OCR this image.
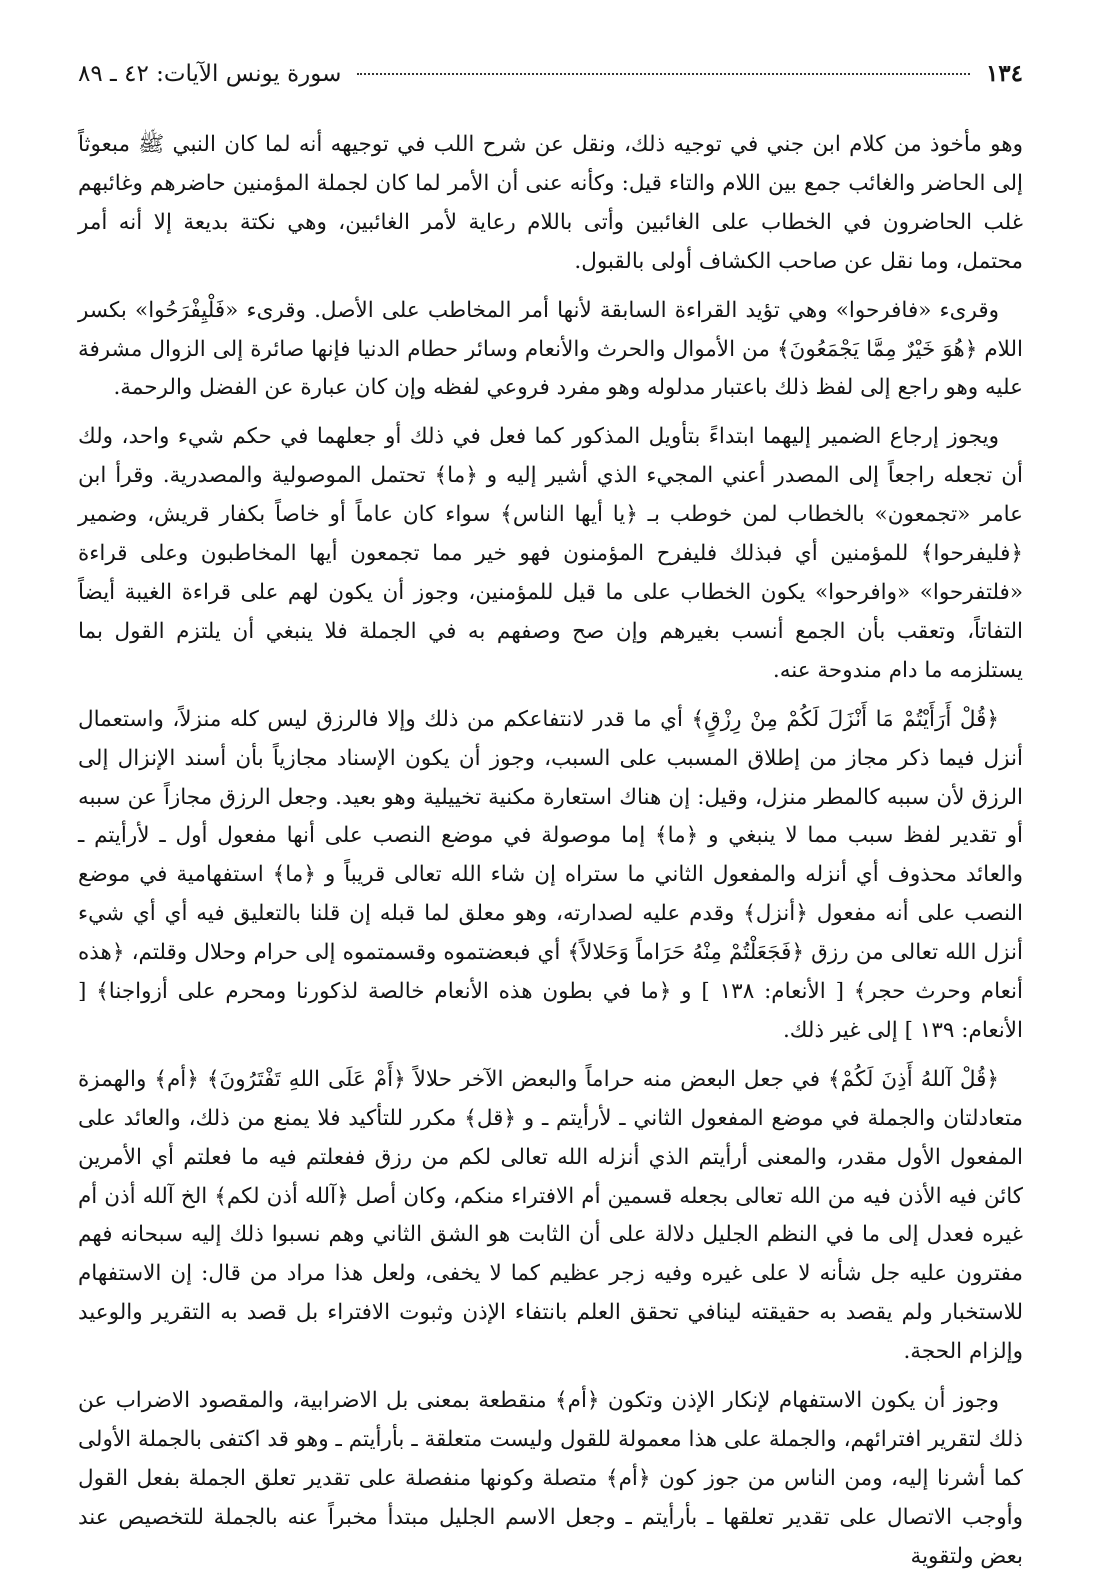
١٣٤
سورة يونس الآيات: ٤٢ ـ ٨٩

وهو مأخوذ من كلام ابن جني في توجيه ذلك، ونقل عن شرح اللب في توجيهه أنه لما كان النبي ﷺ مبعوثاً إلى الحاضر والغائب جمع بين اللام والتاء قيل: وكأنه عنى أن الأمر لما كان لجملة المؤمنين حاضرهم وغائبهم غلب الحاضرون في الخطاب على الغائبين وأتى باللام رعاية لأمر الغائبين، وهي نكتة بديعة إلا أنه أمر محتمل، وما نقل عن صاحب الكشاف أولى بالقبول.

وقرىء «فافرحوا» وهي تؤيد القراءة السابقة لأنها أمر المخاطب على الأصل. وقرىء «فَلْيِفْرَحُوا» بكسر اللام ﴿هُوَ خَيْرٌ مِمَّا يَجْمَعُونَ﴾ من الأموال والحرث والأنعام وسائر حطام الدنيا فإنها صائرة إلى الزوال مشرفة عليه وهو راجع إلى لفظ ذلك باعتبار مدلوله وهو مفرد فروعي لفظه وإن كان عبارة عن الفضل والرحمة.

ويجوز إرجاع الضمير إليهما ابتداءً بتأويل المذكور كما فعل في ذلك أو جعلهما في حكم شيء واحد، ولك أن تجعله راجعاً إلى المصدر أعني المجيء الذي أشير إليه و ﴿ما﴾ تحتمل الموصولية والمصدرية. وقرأ ابن عامر «تجمعون» بالخطاب لمن خوطب بـ ﴿يا أيها الناس﴾ سواء كان عاماً أو خاصاً بكفار قريش، وضمير ﴿فليفرحوا﴾ للمؤمنين أي فبذلك فليفرح المؤمنون فهو خير مما تجمعون أيها المخاطبون وعلى قراءة «فلتفرحوا» «وافرحوا» يكون الخطاب على ما قيل للمؤمنين، وجوز أن يكون لهم على قراءة الغيبة أيضاً التفاتاً، وتعقب بأن الجمع أنسب بغيرهم وإن صح وصفهم به في الجملة فلا ينبغي أن يلتزم القول بما يستلزمه ما دام مندوحة عنه.

﴿قُلْ أَرَأَيْتُمْ مَا أَنْزَلَ لَكُمْ مِنْ رِزْقٍ﴾ أي ما قدر لانتفاعكم من ذلك وإلا فالرزق ليس كله منزلاً، واستعمال أنزل فيما ذكر مجاز من إطلاق المسبب على السبب، وجوز أن يكون الإسناد مجازياً بأن أسند الإنزال إلى الرزق لأن سببه كالمطر منزل، وقيل: إن هناك استعارة مكنية تخييلية وهو بعيد. وجعل الرزق مجازاً عن سببه أو تقدير لفظ سبب مما لا ينبغي و ﴿ما﴾ إما موصولة في موضع النصب على أنها مفعول أول ـ لأرأيتم ـ والعائد محذوف أي أنزله والمفعول الثاني ما ستراه إن شاء الله تعالى قريباً و ﴿ما﴾ استفهامية في موضع النصب على أنه مفعول ﴿أنزل﴾ وقدم عليه لصدارته، وهو معلق لما قبله إن قلنا بالتعليق فيه أي أي شيء أنزل الله تعالى من رزق ﴿فَجَعَلْتُمْ مِنْهُ حَرَاماً وَحَلالاً﴾ أي فبعضتموه وقسمتموه إلى حرام وحلال وقلتم، ﴿هذه أنعام وحرث حجر﴾ [ الأنعام: ١٣٨ ] و ﴿ما في بطون هذه الأنعام خالصة لذكورنا ومحرم على أزواجنا﴾ [ الأنعام: ١٣٩ ] إلى غير ذلك.

﴿قُلْ آللهُ أَذِنَ لَكُمْ﴾ في جعل البعض منه حراماً والبعض الآخر حلالاً ﴿أَمْ عَلَى اللهِ تَفْتَرُونَ﴾ ﴿أم﴾ والهمزة متعادلتان والجملة في موضع المفعول الثاني ـ لأرأيتم ـ و ﴿قل﴾ مكرر للتأكيد فلا يمنع من ذلك، والعائد على المفعول الأول مقدر، والمعنى أرأيتم الذي أنزله الله تعالى لكم من رزق ففعلتم فيه ما فعلتم أي الأمرين كائن فيه الأذن فيه من الله تعالى بجعله قسمين أم الافتراء منكم، وكان أصل ﴿آلله أذن لكم﴾ الخ آلله أذن أم غيره فعدل إلى ما في النظم الجليل دلالة على أن الثابت هو الشق الثاني وهم نسبوا ذلك إليه سبحانه فهم مفترون عليه جل شأنه لا على غيره وفيه زجر عظيم كما لا يخفى، ولعل هذا مراد من قال: إن الاستفهام للاستخبار ولم يقصد به حقيقته لينافي تحقق العلم بانتفاء الإذن وثبوت الافتراء بل قصد به التقرير والوعيد وإلزام الحجة.

وجوز أن يكون الاستفهام لإنكار الإذن وتكون ﴿أم﴾ منقطعة بمعنى بل الاضرابية، والمقصود الاضراب عن ذلك لتقرير افترائهم، والجملة على هذا معمولة للقول وليست متعلقة ـ بأرأيتم ـ وهو قد اكتفى بالجملة الأولى كما أشرنا إليه، ومن الناس من جوز كون ﴿أم﴾ متصلة وكونها منفصلة على تقدير تعلق الجملة بفعل القول وأوجب الاتصال على تقدير تعلقها ـ بأرأيتم ـ وجعل الاسم الجليل مبتدأ مخبراً عنه بالجملة للتخصيص عند بعض ولتقوية
